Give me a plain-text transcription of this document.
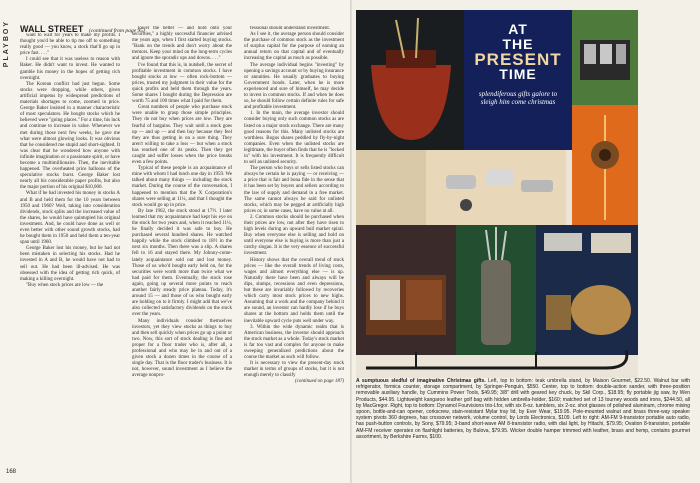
PLAYBOY WALL STREET (continued from page 95)

want to wait for years to make my profits. I thought you'd be able to tip me off to something really good — you know, a stock that'll go up in price fast. . . ."

I could see that it was useless to reason with Baker. He didn't want to invest. He wanted to gamble his money in the hopes of getting rich overnight.

The Korean conflict had just begun. Some stocks were dropping, while others, given artificial impetus by widespread predictions of materials shortages to come, zoomed in price. George Baker insisted in a manner characteristic of most speculators. He bought stocks which he believed were "going places." For a time, his luck and continue to increase in value. Whenever we met during those next few weeks, he gave me what were almost glowing looks. It was obvious that he considered me stupid and short-sighted. It was clear that he wondered how anyone with infinite imagination or a passionate spirit, or have become a multimillionaire. Then, the inevitable happened. The overheated price balloons of the speculative stocks burst. George Baker lost nearly all his considerable paper profits, but also the major portion of his original $10,000.

What if he had invested his money in stocks A and B and held them for the 10 years between 1950 and 1960? Well, taking into consideration dividends, stock splits and the increased value of the shares, he would have quintupled his original investment. And, he could have done as well or even better with other sound growth stocks, had he bought them in 1950 and held them a ten-year span until 1960.

George Baker lost his money, but he had not been mistaken in selecting his stocks. Had he invested in A and B, he would have not had to sell out. He had been ill-advised. He was obsessed with the idea of getting rich quick, of making a killing overnight.

"Buy when stock prices are low — the

lower the better — and hold onto your securities," a highly successful financier advised me years ago, when I first started buying stocks. "Bank on the trends and don't worry about the tremors. Keep your mind on the long-term cycles and ignore the sporadic ups and downs. . . ."

I've found that this is, in nutshell, the secret of profitable investment in common stocks. I have bought stocks at low — often rock-bottom — prices, trusted my judgment in their value for the quick profits and held them through the years. Some shares I bought during the Depression are worth 75 and 100 times what I paid for them.

Great numbers of people who purchase stock were unable to grasp those simple principles. They do not buy when prices are low. They are fearful of bargains. They wait until a stock goes up — and up — and then buy because they feel they are thus getting in on a sure thing. They aren't willing to take a loss — but when a stock has reached one of its peaks. Then they get caught and suffer losses when the price breaks even a few points.

Typical of these people is an acquaintance of mine with whom I had lunch one day in 1959. We talked about many things — including the stock market. During the course of the conversation, I happened to mention that the X Corporation's shares were selling at 11¼, and that I thought the stock would go up in price.

By late 1962, the stock stood at 17½. I later learned that my acquaintance had kept his eye on the stock for two years and, when it reached 11¼, he finally decided it was safe to buy. He purchased several hundred shares. He watched happily while the stock climbed to 18½ in the next six months. Then there was a slip. A shares fell to 16 and stayed there. My Johnny-come-lately acquaintance sold out and lost money. Those of us who'd bought early held on, for the securities were worth more than twice what we had paid for them. Eventually, the stock rose again, going up several more points to reach another fairly steady price plateau. Today, it's around 15 — and those of us who bought early are holding on to it firmly. I might add that we've also collected satisfactory dividends on the stock over the years.

Many individuals consider themselves investors, yet they view stocks as things to buy and then sell quickly when prices go up a point or two. Now, this sort of stock dealing is fine and proper for a floor trader who is, after all, a professional and who may be in and out of a given stock a dozen times in the course of a single day. That is the floor trader's business. It is not, however, sound investment as I believe the average nonpro-

fessional should understand investment.

As I see it, the average person should consider the purchase of common stock as the investment of surplus capital for the purpose of earning an annual return on that capital and of eventually increasing the capital as much as possible.

The average individual begins "investing" by opening a savings account or by buying insurance or annuities. He usually graduates to buying Government bonds. Later, when he is more experienced and sure of himself, he may decide to invest in common stocks. If and when he does so, he should follow certain definite rules for safe and profitable investment.

1. In the main, the average investor should consider buying only such common stocks as are listed on a major stock exchange. There are many good reasons for this. Many unlisted stocks are worthless. Bogus shares peddled by fly-by-night companies. Even when the unlisted stocks are legitimate, the buyer often finds that he is "locked in" with his investment. It is frequently difficult to sell an unlisted security.

The person who buys or sells listed stocks can always be certain he is paying — or receiving — a price that is fair and bona fide in the sense that it has been set by buyers and sellers according to the law of supply and demand in a free market. The same cannot always be said for unlisted stocks, which may be pegged at artificially high prices or, in some cases, have no value at all.

2. Common stocks should be purchased when their prices are low, not after they have risen to high levels during an upward bull market spiral. Buy when everyone else is selling and hold on until everyone else is buying is more than just a catchy slogan. It is the very essence of successful investment.

History shows that the overall trend of stock prices — like the overall trends of living costs, wages and almost everything else — is up. Naturally there have been and always will be dips, slumps, recessions and even depressions, but these are invariably followed by recoveries which carry most stock prices to new highs. Assuming that a work and the company behind it are sound, an investor can hardly lose if he buys shares at the bottom and holds them until the inevitable upward cycle puts well under way.

3. Within the wide dynamic realm that is American business, the investor should approach the stock market as a whole. Today's stock market is far too vast and complex for anyone to make sweeping generalized predictions about the course the market as such will follow.

It is necessary to view the present-day stock market in terms of groups of stocks, but it is not enough merely to classify

(continued on page 187)
168
AT
THE
PRESENT
TIME
splendiferous gifts galore to sleigh him come christmas
A sumptuous sledful of imaginative Christmas gifts. Left, top to bottom: teak umbrella stand, by Maison Gourmet, $22.50. Walnut bar with refrigerator, formica counter, storage compartment, by Springer-Penguin, $550. Center, top to bottom: double-action sander, with three-position removable auxiliary handle, by Cummins Power Tools, $49.95; 3/8" drill with geared key chuck, by Skil Corp., $18.95; fly portable jig saw, by Wen Products, $44.95. Lightweight kangaroo leather golf bag with hidden umbrella-holder, $160; matched set of 13 tourney woods and irons, $244.50, all by MacGregor. Right, top to bottom: Dynamol Fourvisions trio-Lfor, with six 8-oz. tumblers, six 2-oz. shot glasses of polished aluminum, chrome mixing spoon, bottle-and-can opener, corkscrew, stain-resistant Mylar tray lid, by Ever Wear, $19.95. Pole-mounted walnut and brass three-way speaker system pivots 360 degrees, has crossover network, volume control, by Lords Electronics, $109. Left to right: AM-FM 9-transistor portable auto radio, has push-button controls, by Sony, $79.95; 3-band short-wave AM 8-transistor radio, with dial light, by Hitachi, $79.95; Ovation 8-transistor, portable AM-FM receiver operates on flashlight batteries, by Bulova, $79.95. Wicker double hamper trimmed with leather, brass and hemp, contains gourmet assortment, by Berkshire Farms, $100.
